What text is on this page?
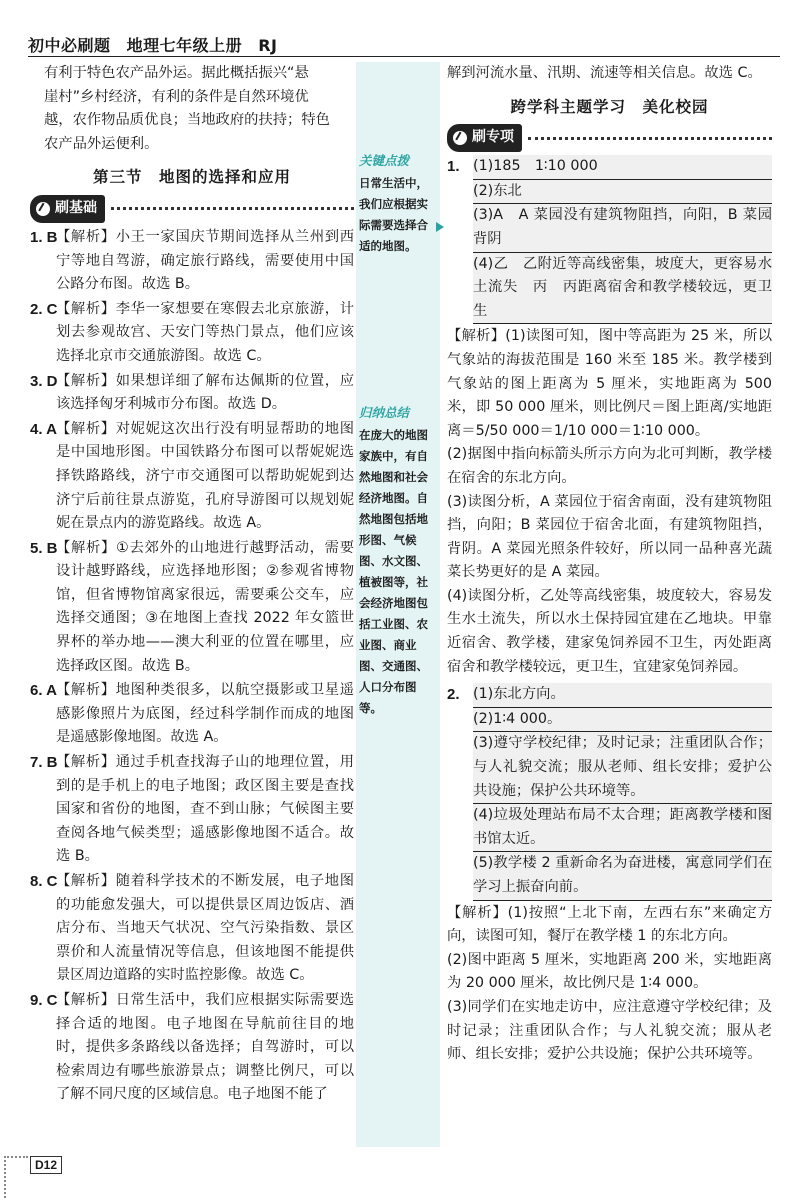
初中必刷题 地理七年级上册 RJ

有利于特色农产品外运。据此概括振兴“悬

崖村”乡村经济，有利的条件是自然环境优

越，农作物品质优良；当地政府的扶持；特色

农产品外运便利。

第三节　地图的选择和应用
刷基础
1. B
【解析】小王一家国庆节期间选择从兰州到西宁等地自驾游，确定旅行路线，需要使用中国公路分布图。故选 B。
2. C
【解析】李华一家想要在寒假去北京旅游，计划去参观故宫、天安门等热门景点，他们应该选择北京市交通旅游图。故选 C。
3. D
【解析】如果想详细了解布达佩斯的位置，应该选择匈牙利城市分布图。故选 D。
4. A 【解析】对妮妮这次出行没有明显帮助的地图是中国地形图。中国铁路分布图可以帮妮妮选择铁路路线，济宁市交通图可以帮助妮妮到达济宁后前往景点游览，孔府导游图可以规划妮妮在景点内的游览路线。故选 A。
5. B
【解析】①去郊外的山地进行越野活动，需要设计越野路线，应选择地形图；②参观省博物馆，但省博物馆离家很远，需要乘公交车，应选择交通图；③在地图上查找 2022 年女篮世界杯的举办地——澳大利亚的位置在哪里，应选择政区图。故选 B。
6. A 【解析】地图种类很多，以航空摄影或卫星遥感影像照片为底图，经过科学制作而成的地图是遥感影像地图。故选 A。
7. B
【解析】通过手机查找海子山的地理位置，用到的是手机上的电子地图；政区图主要是查找国家和省份的地图，查不到山脉；气候图主要查阅各地气候类型；遥感影像地图不适合。故选 B。
8. C
【解析】随着科学技术的不断发展，电子地图的功能愈发强大，可以提供景区周边饭店、酒店分布、当地天气状况、空气污染指数、景区票价和人流量情况等信息，但该地图不能提供景区周边道路的实时监控影像。故选 C。
9. C
【解析】日常生活中，我们应根据实际需要选择合适的地图。电子地图在导航前往目的地时，提供多条路线以备选择；自驾游时，可以检索周边有哪些旅游景点；调整比例尺，可以了解不同尺度的区域信息。电子地图不能了
关键点拨
日常生活中，我们应根据实际需要选择合适的地图。
归纳总结
在庞大的地图家族中，有自然地图和社会经济地图。自然地图包括地形图、气候图、水文图、植被图等，社会经济地图包括工业图、农业图、商业图、交通图、人口分布图等。

解到河流水量、汛期、流速等相关信息。故选 C。

跨学科主题学习　美化校园
刷专项
1. (1)185　1∶10 000
(2)东北
(3)A　A 菜园没有建筑物阻挡，向阳，B 菜园背阴
(4)乙　乙附近等高线密集，坡度大，更容易水土流失　丙　丙距离宿舍和教学楼较远，更卫生

【解析】(1)读图可知，图中等高距为 25 米，所以气象站的海拔范围是 160 米至 185 米。教学楼到气象站的图上距离为 5 厘米，实地距离为 500 米，即 50 000 厘米，则比例尺＝图上距离/实地距离＝5/50 000＝1/10 000＝1∶10 000。

(2)据图中指向标箭头所示方向为北可判断，教学楼在宿舍的东北方向。

(3)读图分析，A 菜园位于宿舍南面，没有建筑物阻挡，向阳；B 菜园位于宿舍北面，有建筑物阻挡，背阴。A 菜园光照条件较好，所以同一品种喜光蔬菜长势更好的是 A 菜园。

(4)读图分析，乙处等高线密集，坡度较大，容易发生水土流失，所以水土保持园宜建在乙地块。甲靠近宿舍、教学楼，建家兔饲养园不卫生，丙处距离宿舍和教学楼较远，更卫生，宜建家兔饲养园。

2. (1)东北方向。
(2)1∶4 000。
(3)遵守学校纪律；及时记录；注重团队合作；与人礼貌交流；服从老师、组长安排；爱护公共设施；保护公共环境等。
(4)垃圾处理站布局不太合理；距离教学楼和图书馆太近。
(5)教学楼 2 重新命名为奋进楼，寓意同学们在学习上振奋向前。

【解析】(1)按照“上北下南，左西右东”来确定方向，读图可知，餐厅在教学楼 1 的东北方向。

(2)图中距离 5 厘米，实地距离 200 米，实地距离为 20 000 厘米，故比例尺是 1∶4 000。

(3)同学们在实地走访中，应注意遵守学校纪律；及时记录；注重团队合作；与人礼貌交流；服从老师、组长安排；爱护公共设施；保护公共环境等。

D12
